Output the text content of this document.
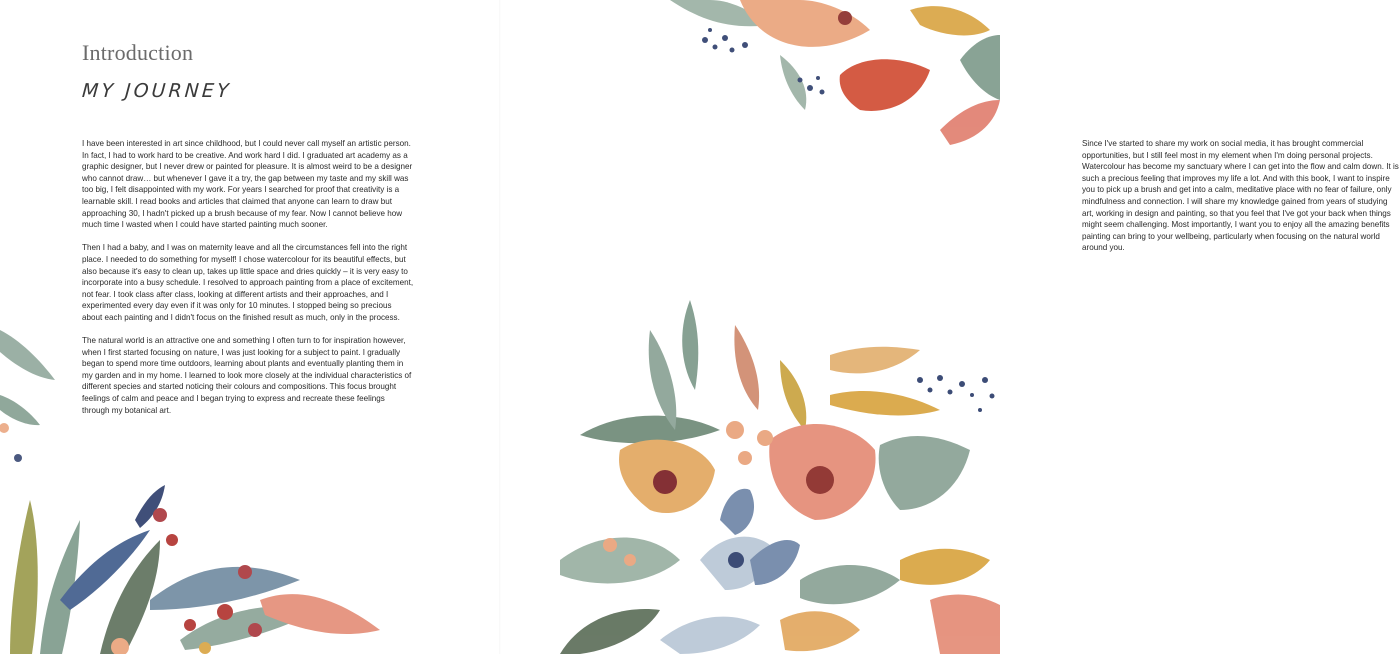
Introduction
MY JOURNEY

I have been interested in art since childhood, but I could never call myself an artistic person. In fact, I had to work hard to be creative. And work hard I did. I graduated art academy as a graphic designer, but I never drew or painted for pleasure. It is almost weird to be a designer who cannot draw… but whenever I gave it a try, the gap between my taste and my skill was too big, I felt disappointed with my work. For years I searched for proof that creativity is a learnable skill. I read books and articles that claimed that anyone can learn to draw but approaching 30, I hadn't picked up a brush because of my fear. Now I cannot believe how much time I wasted when I could have started painting much sooner.

Then I had a baby, and I was on maternity leave and all the circumstances fell into the right place. I needed to do something for myself! I chose watercolour for its beautiful effects, but also because it's easy to clean up, takes up little space and dries quickly – it is very easy to incorporate into a busy schedule. I resolved to approach painting from a place of excitement, not fear. I took class after class, looking at different artists and their approaches, and I experimented every day even if it was only for 10 minutes. I stopped being so precious about each painting and I didn't focus on the finished result as much, only in the process.

The natural world is an attractive one and something I often turn to for inspiration however, when I first started focusing on nature, I was just looking for a subject to paint. I gradually began to spend more time outdoors, learning about plants and eventually planting them in my garden and in my home. I learned to look more closely at the individual characteristics of different species and started noticing their colours and compositions. This focus brought feelings of calm and peace and I began trying to express and recreate these feelings through my botanical art.

Since I've started to share my work on social media, it has brought commercial opportunities, but I still feel most in my element when I'm doing personal projects. Watercolour has become my sanctuary where I can get into the flow and calm down. It is such a precious feeling that improves my life a lot. And with this book, I want to inspire you to pick up a brush and get into a calm, meditative place with no fear of failure, only mindfulness and connection. I will share my knowledge gained from years of studying art, working in design and painting, so that you feel that I've got your back when things might seem challenging. Most importantly, I want you to enjoy all the amazing benefits painting can bring to your wellbeing, particularly when focusing on the natural world around you.
